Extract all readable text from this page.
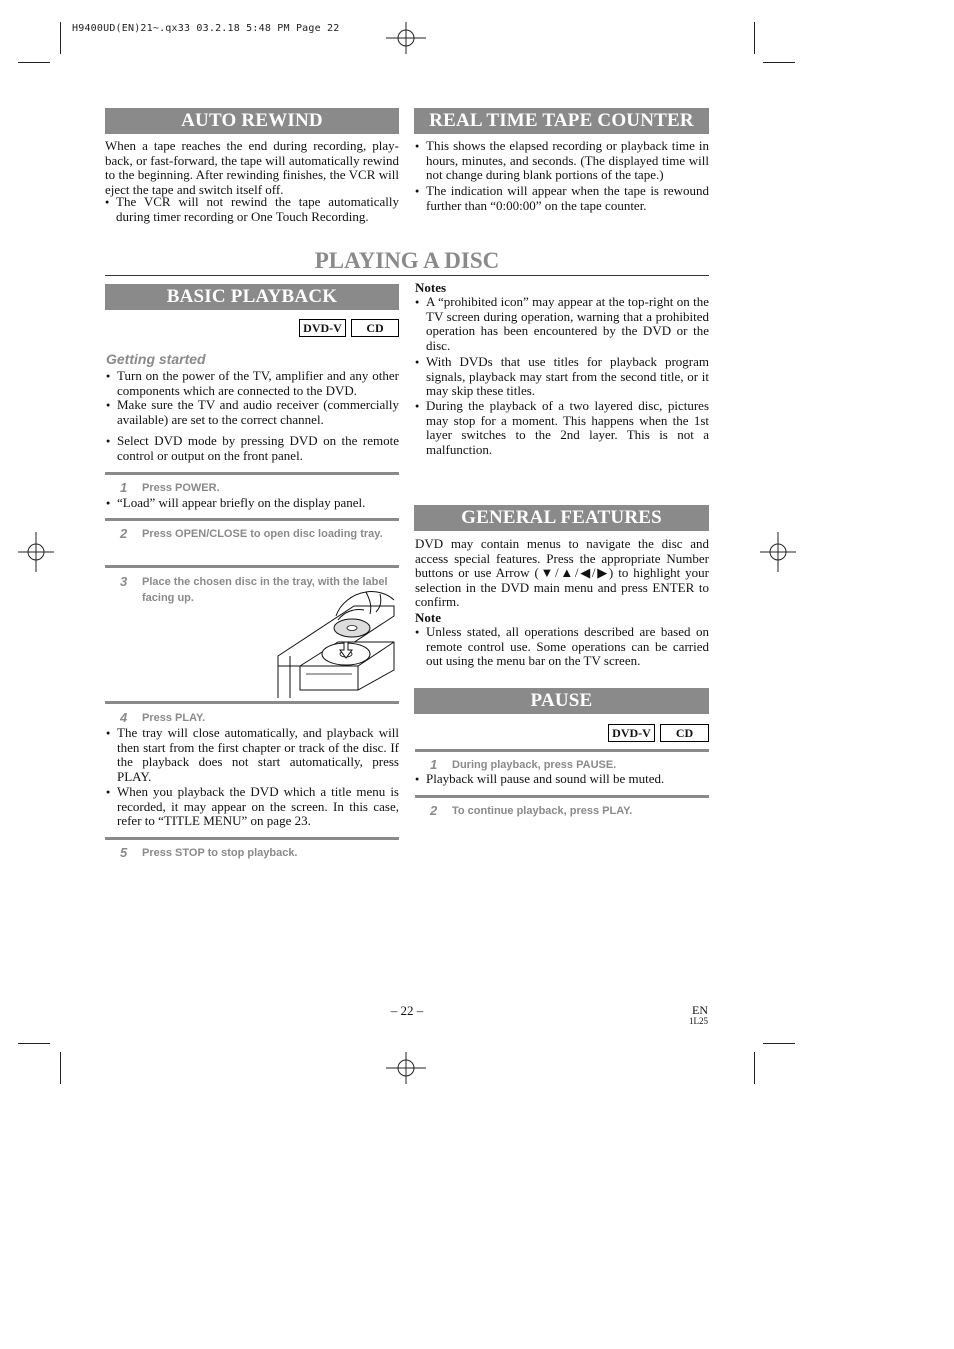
H9400UD(EN)21~.qx33 03.2.18 5:48 PM Page 22
AUTO REWIND
When a tape reaches the end during recording, play-back, or fast-forward, the tape will automatically rewind to the beginning. After rewinding finishes, the VCR will eject the tape and switch itself off.
● The VCR will not rewind the tape automatically during timer recording or One Touch Recording.
REAL TIME TAPE COUNTER
● This shows the elapsed recording or playback time in hours, minutes, and seconds. (The displayed time will not change during blank portions of the tape.)
● The indication will appear when the tape is rewound further than “0:00:00” on the tape counter.
PLAYING A DISC
BASIC PLAYBACK
DVD-V	CD
Getting started
● Turn on the power of the TV, amplifier and any other components which are connected to the DVD.
● Make sure the TV and audio receiver (commercially available) are set to the correct channel.
● Select DVD mode by pressing DVD on the remote control or output on the front panel.
1	Press POWER.
● “Load” will appear briefly on the display panel.
2	Press OPEN/CLOSE to open disc loading tray.
3	Place the chosen disc in the tray, with the label facing up.
4	Press PLAY.
● The tray will close automatically, and playback will then start from the first chapter or track of the disc. If the playback does not start automatically, press PLAY.
● When you playback the DVD which a title menu is recorded, it may appear on the screen. In this case, refer to “TITLE MENU” on page 23.
5	Press STOP to stop playback.
Notes
● A “prohibited icon” may appear at the top-right on the TV screen during operation, warning that a prohibited operation has been encountered by the DVD or the disc.
● With DVDs that use titles for playback program signals, playback may start from the second title, or it may skip these titles.
● During the playback of a two layered disc, pictures may stop for a moment. This happens when the 1st layer switches to the 2nd layer. This is not a malfunction.
GENERAL FEATURES
DVD may contain menus to navigate the disc and access special features. Press the appropriate Number buttons or use Arrow (▼/▲/◀/▶) to highlight your selection in the DVD main menu and press ENTER to confirm.
Note
● Unless stated, all operations described are based on remote control use. Some operations can be carried out using the menu bar on the TV screen.
PAUSE
DVD-V	CD
1	During playback, press PAUSE.
● Playback will pause and sound will be muted.
2	To continue playback, press PLAY.
– 22 –	EN
1L25
